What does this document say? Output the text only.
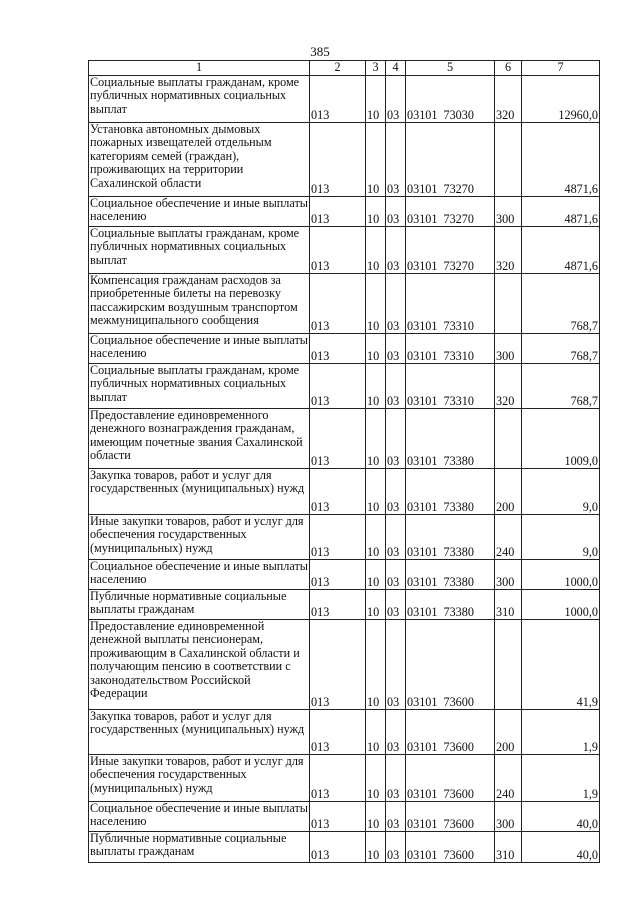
385
1	2	3	4	5	6	7
Социальные выплаты гражданам, кроме публичных нормативных социальных выплат	013	10	03	03101 73030	320	12960,0
Установка автономных дымовых пожарных извещателей отдельным категориям семей (граждан), проживающих на территории Сахалинской области	013	10	03	03101 73270		4871,6
Социальное обеспечение и иные выплаты населению	013	10	03	03101 73270	300	4871,6
Социальные выплаты гражданам, кроме публичных нормативных социальных выплат	013	10	03	03101 73270	320	4871,6
Компенсация гражданам расходов за приобретенные билеты на перевозку пассажирским воздушным транспортом межмуниципального сообщения	013	10	03	03101 73310		768,7
Социальное обеспечение и иные выплаты населению	013	10	03	03101 73310	300	768,7
Социальные выплаты гражданам, кроме публичных нормативных социальных выплат	013	10	03	03101 73310	320	768,7
Предоставление единовременного денежного вознаграждения гражданам, имеющим почетные звания Сахалинской области	013	10	03	03101 73380		1009,0
Закупка товаров, работ и услуг для государственных (муниципальных) нужд	013	10	03	03101 73380	200	9,0
Иные закупки товаров, работ и услуг для обеспечения государственных (муниципальных) нужд	013	10	03	03101 73380	240	9,0
Социальное обеспечение и иные выплаты населению	013	10	03	03101 73380	300	1000,0
Публичные нормативные социальные выплаты гражданам	013	10	03	03101 73380	310	1000,0
Предоставление единовременной денежной выплаты пенсионерам, проживающим в Сахалинской области и получающим пенсию в соответствии с законодательством Российской Федерации	013	10	03	03101 73600		41,9
Закупка товаров, работ и услуг для государственных (муниципальных) нужд	013	10	03	03101 73600	200	1,9
Иные закупки товаров, работ и услуг для обеспечения государственных (муниципальных) нужд	013	10	03	03101 73600	240	1,9
Социальное обеспечение и иные выплаты населению	013	10	03	03101 73600	300	40,0
Публичные нормативные социальные выплаты гражданам	013	10	03	03101 73600	310	40,0
